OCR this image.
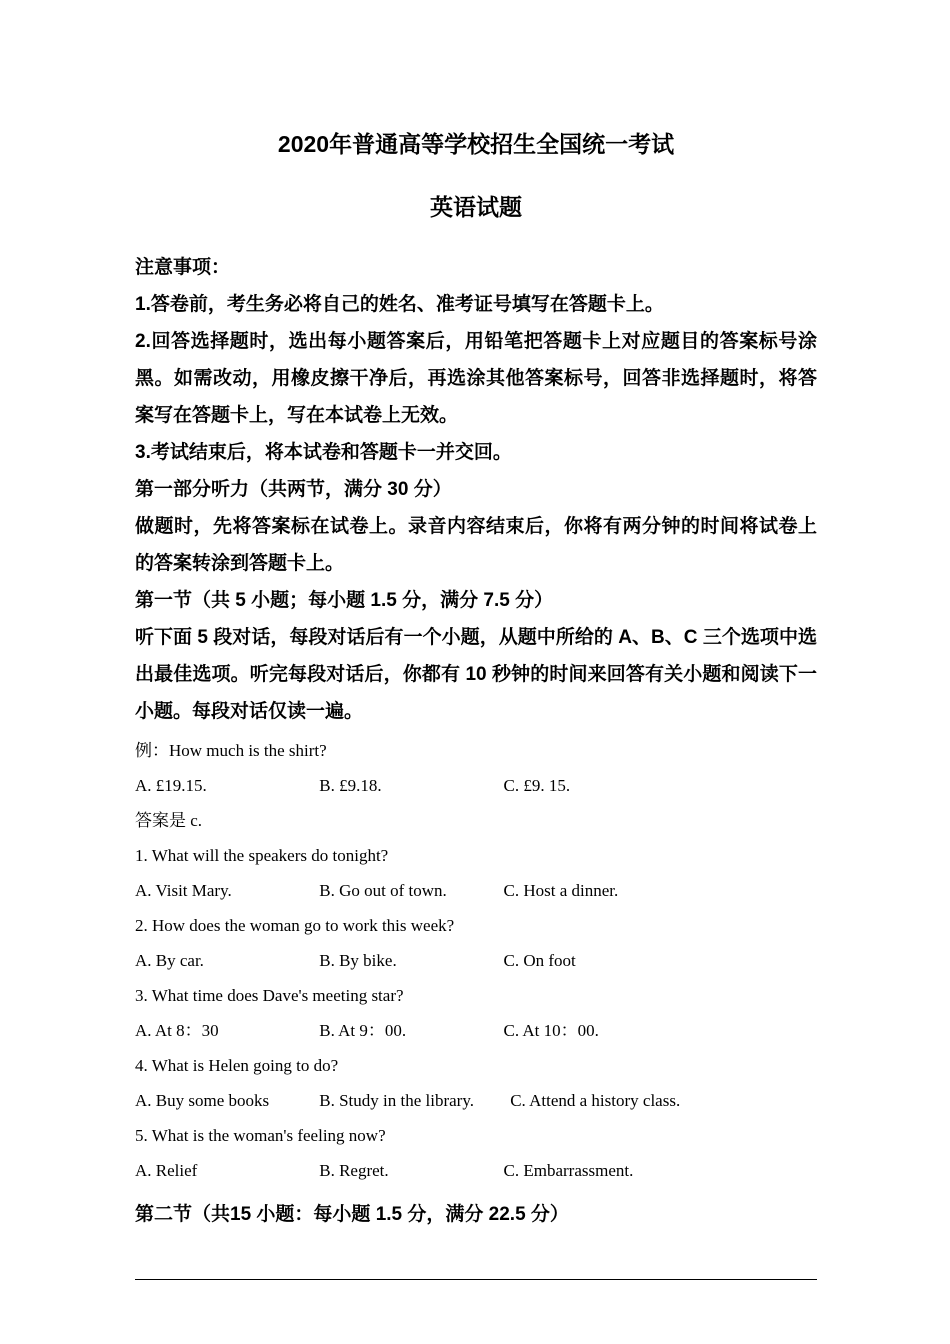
2020年普通高等学校招生全国统一考试
英语试题

注意事项：

1.答卷前，考生务必将自己的姓名、准考证号填写在答题卡上。

2.回答选择题时，选出每小题答案后，用铅笔把答题卡上对应题目的答案标号涂黑。如需改动，用橡皮擦干净后，再选涂其他答案标号，回答非选择题时，将答案写在答题卡上，写在本试卷上无效。

3.考试结束后，将本试卷和答题卡一并交回。

第一部分听力（共两节，满分 30 分）

做题时，先将答案标在试卷上。录音内容结束后，你将有两分钟的时间将试卷上的答案转涂到答题卡上。

第一节（共 5 小题；每小题 1.5 分，满分 7.5 分）

听下面 5 段对话，每段对话后有一个小题，从题中所给的 A、B、C 三个选项中选出最佳选项。听完每段对话后，你都有 10 秒钟的时间来回答有关小题和阅读下一小题。每段对话仅读一遍。

例：How much is the shirt?

A. £19.15.	B. £9.18.	C. £9. 15.

答案是 c.

1. What will the speakers do tonight?

A. Visit Mary.	B. Go out of town.	C. Host a dinner.

2. How does the woman go to work this week?

A. By car.	B. By bike.	C. On foot

3. What time does Dave's meeting star?

A. At 8：30	B. At 9：00.	C. At 10：00.

4. What is Helen going to do?

A. Buy some books	B. Study in the library. C. Attend a history class.

5. What is the woman's feeling now?

A. Relief	B. Regret.	C. Embarrassment.

第二节（共15 小题：每小题 1.5 分，满分 22.5 分）
